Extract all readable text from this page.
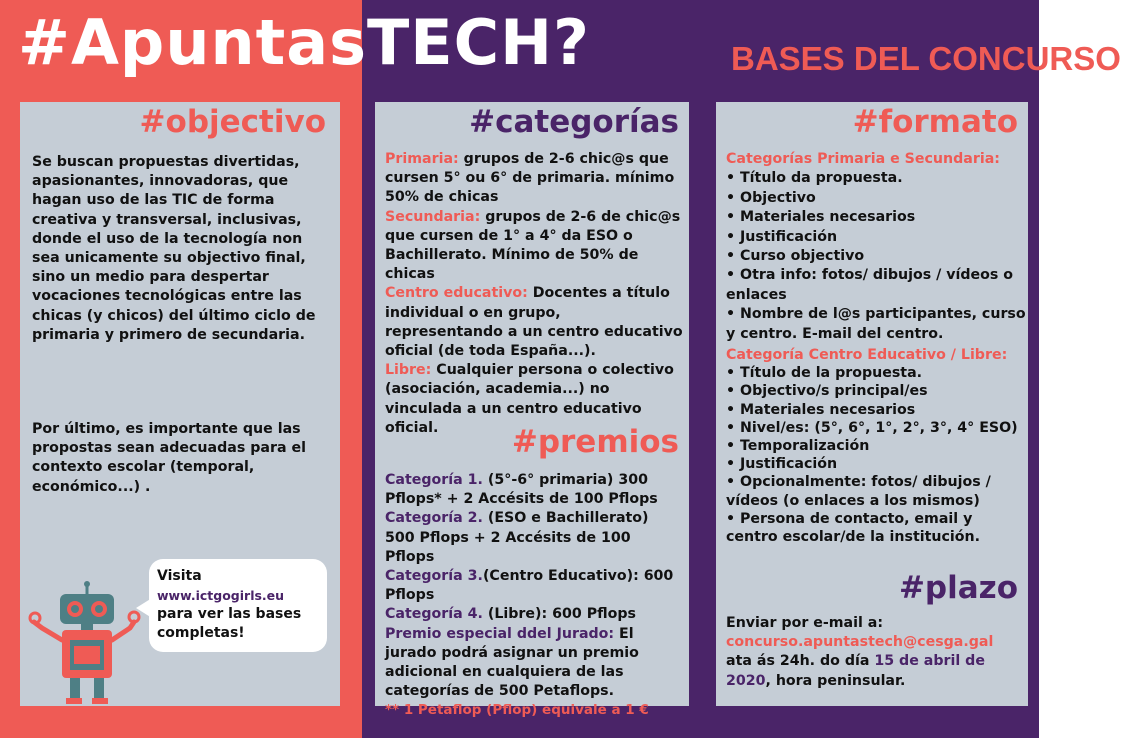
#ApuntasTECH?	BASES DEL CONCURSO
#objectivo
Se buscan propuestas divertidas, apasionantes, innovadoras, que hagan uso de las TIC de forma creativa y transversal, inclusivas, donde el uso de la tecnología non sea unicamente su objectivo final, sino un medio para despertar vocaciones tecnológicas entre las chicas (y chicos) del último ciclo de primaria y primero de secundaria.
Por último, es importante que las propostas sean adecuadas para el contexto escolar (temporal, económico...) .
Visita
www.ictgogirls.eu
para ver las bases completas!
#categorías
Primaria: grupos de 2-6 chic@s que cursen 5° ou 6° de primaria. mínimo 50% de chicas
Secundaria: grupos de 2-6 de chic@s que cursen de 1° a 4° da ESO o Bachillerato. Mínimo de 50% de chicas
Centro educativo: Docentes a título individual o en grupo, representando a un centro educativo oficial (de toda España...).
Libre: Cualquier persona o colectivo (asociación, academia...) no vinculada a un centro educativo oficial.	#premios
Categoría 1. (5°-6° primaria) 300 Pflops* + 2 Accésits de 100 Pflops
Categoría 2. (ESO e Bachillerato) 500 Pflops + 2 Accésits de 100 Pflops
Categoría 3.(Centro Educativo): 600 Pflops
Categoría 4. (Libre): 600 Pflops
Premio especial ddel Jurado: El jurado podrá asignar un premio adicional en cualquiera de las categorías de 500 Petaflops.
** 1 Petaflop (Pflop) equivale a 1 €
#formato
Categorías Primaria e Secundaria:
• Título da propuesta.
• Objectivo
• Materiales necesarios
• Justificación
• Curso objectivo
• Otra info: fotos/ dibujos / vídeos o enlaces
• Nombre de l@s participantes, curso y centro. E-mail del centro.
Categoría Centro Educativo / Libre:
• Título de la propuesta.
• Objectivo/s principal/es
• Materiales necesarios
• Nivel/es: (5°, 6°, 1°, 2°, 3°, 4° ESO)
• Temporalización
• Justificación
• Opcionalmente: fotos/ dibujos / vídeos (o enlaces a los mismos)
• Persona de contacto, email y centro escolar/de la institución.
#plazo
Enviar por e-mail a:
concurso.apuntastech@cesga.gal
ata ás 24h. do día 15 de abril de 2020, hora peninsular.
